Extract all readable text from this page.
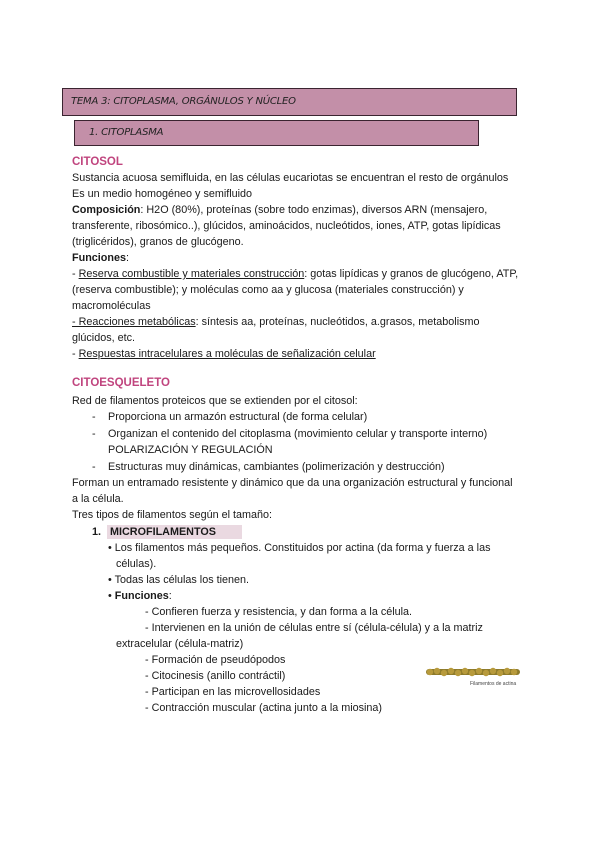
TEMA 3: CITOPLASMA, ORGÁNULOS Y NÚCLEO
1. CITOPLASMA
CITOSOL
Sustancia acuosa semifluida, en las células eucariotas se encuentran el resto de orgánulos
Es un medio homogéneo y semifluido
Composición: H2O (80%), proteínas (sobre todo enzimas), diversos ARN (mensajero,
transferente, ribosómico..), glúcidos, aminoácidos, nucleótidos, iones, ATP, gotas lipídicas
(triglicéridos), granos de glucógeno.
Funciones:
- Reserva combustible y materiales construcción: gotas lipídicas y granos de glucógeno, ATP,
(reserva combustible); y moléculas como aa y glucosa (materiales construcción) y
macromoléculas
- Reacciones metabólicas: síntesis aa, proteínas, nucleótidos, a.grasos, metabolismo
glúcidos, etc.
- Respuestas intracelulares a moléculas de señalización celular
CITOESQUELETO
Red de filamentos proteicos que se extienden por el citosol:
- Proporciona un armazón estructural (de forma celular)
- Organizan el contenido del citoplasma (movimiento celular y transporte interno)
POLARIZACIÓN Y REGULACIÓN
- Estructuras muy dinámicas, cambiantes (polimerización y destrucción)
Forman un entramado resistente y dinámico que da una organización estructural y funcional
a la célula.
Tres tipos de filamentos según el tamaño:
1. MICROFILAMENTOS
• Los filamentos más pequeños. Constituidos por actina (da forma y fuerza a las
células).
• Todas las células los tienen.
• Funciones:
- Confieren fuerza y resistencia, y dan forma a la célula.
- Intervienen en la unión de células entre sí (célula-célula) y a la matriz
extracelular (célula-matriz)
- Formación de pseudópodos
- Citocinesis (anillo contráctil)
- Participan en las microvellosidades
- Contracción muscular (actina junto a la miosina)
Filamentos de actina
